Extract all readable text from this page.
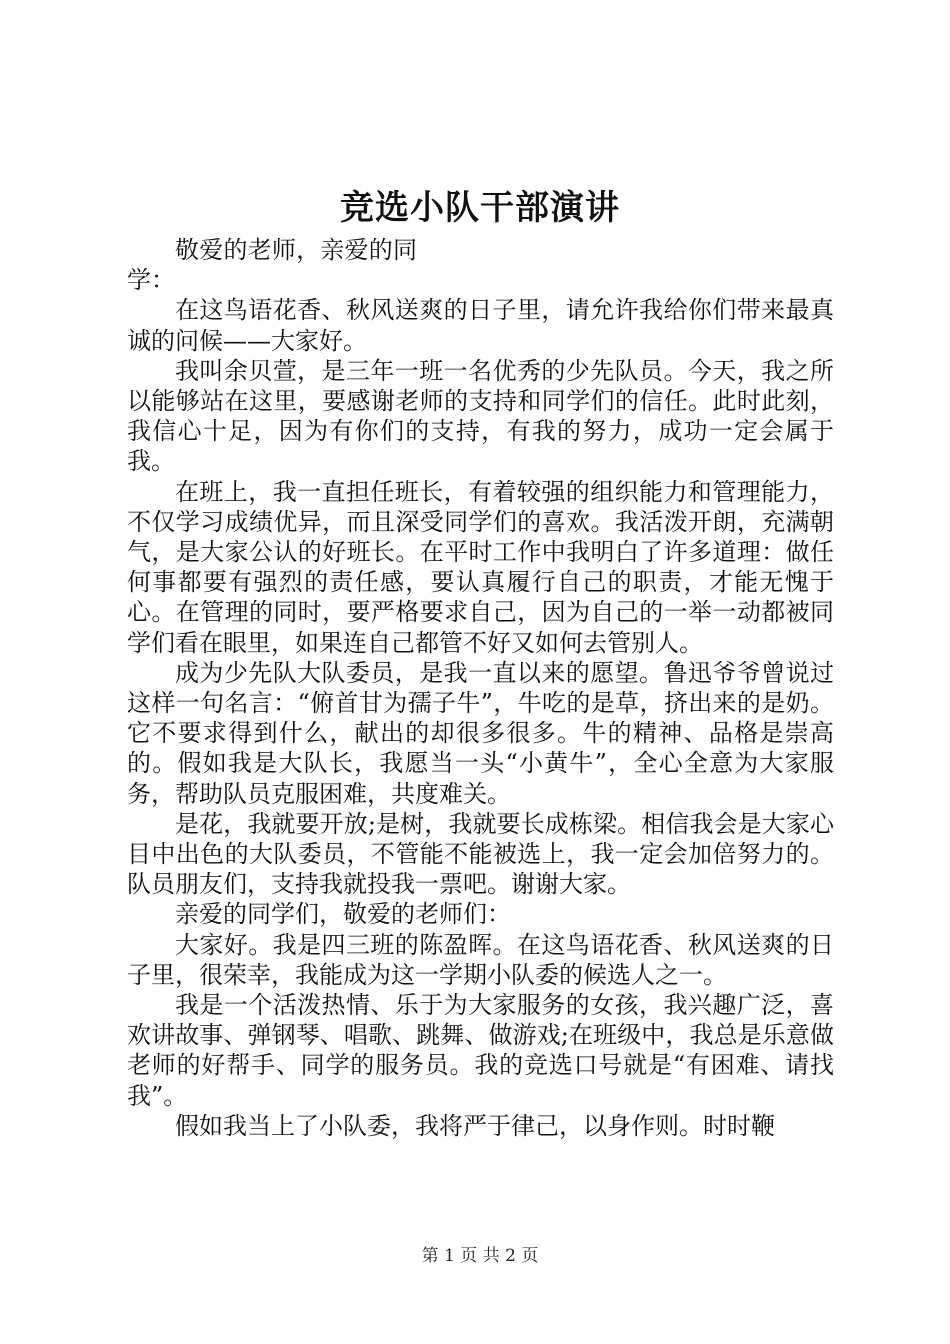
竞选小队干部演讲

敬爱的老师，亲爱的同学：

在这鸟语花香、秋风送爽的日子里，请允许我给你们带来最真诚的问候——大家好。

我叫余贝萱，是三年一班一名优秀的少先队员。今天，我之所以能够站在这里，要感谢老师的支持和同学们的信任。此时此刻，我信心十足，因为有你们的支持，有我的努力，成功一定会属于我。

在班上，我一直担任班长，有着较强的组织能力和管理能力，不仅学习成绩优异，而且深受同学们的喜欢。我活泼开朗，充满朝气，是大家公认的好班长。在平时工作中我明白了许多道理：做任何事都要有强烈的责任感，要认真履行自己的职责，才能无愧于心。在管理的同时，要严格要求自己，因为自己的一举一动都被同学们看在眼里，如果连自己都管不好又如何去管别人。

成为少先队大队委员，是我一直以来的愿望。鲁迅爷爷曾说过这样一句名言：“俯首甘为孺子牛”，牛吃的是草，挤出来的是奶。它不要求得到什么，献出的却很多很多。牛的精神、品格是崇高的。假如我是大队长，我愿当一头“小黄牛”，全心全意为大家服务，帮助队员克服困难，共度难关。

是花，我就要开放;是树，我就要长成栋梁。相信我会是大家心目中出色的大队委员，不管能不能被选上，我一定会加倍努力的。队员朋友们，支持我就投我一票吧。谢谢大家。

亲爱的同学们，敬爱的老师们：

大家好。我是四三班的陈盈晖。在这鸟语花香、秋风送爽的日子里，很荣幸，我能成为这一学期小队委的候选人之一。

我是一个活泼热情、乐于为大家服务的女孩，我兴趣广泛，喜欢讲故事、弹钢琴、唱歌、跳舞、做游戏;在班级中，我总是乐意做老师的好帮手、同学的服务员。我的竞选口号就是“有困难、请找我”。

假如我当上了小队委，我将严于律己，以身作则。时时鞭

第 1 页 共 2 页
